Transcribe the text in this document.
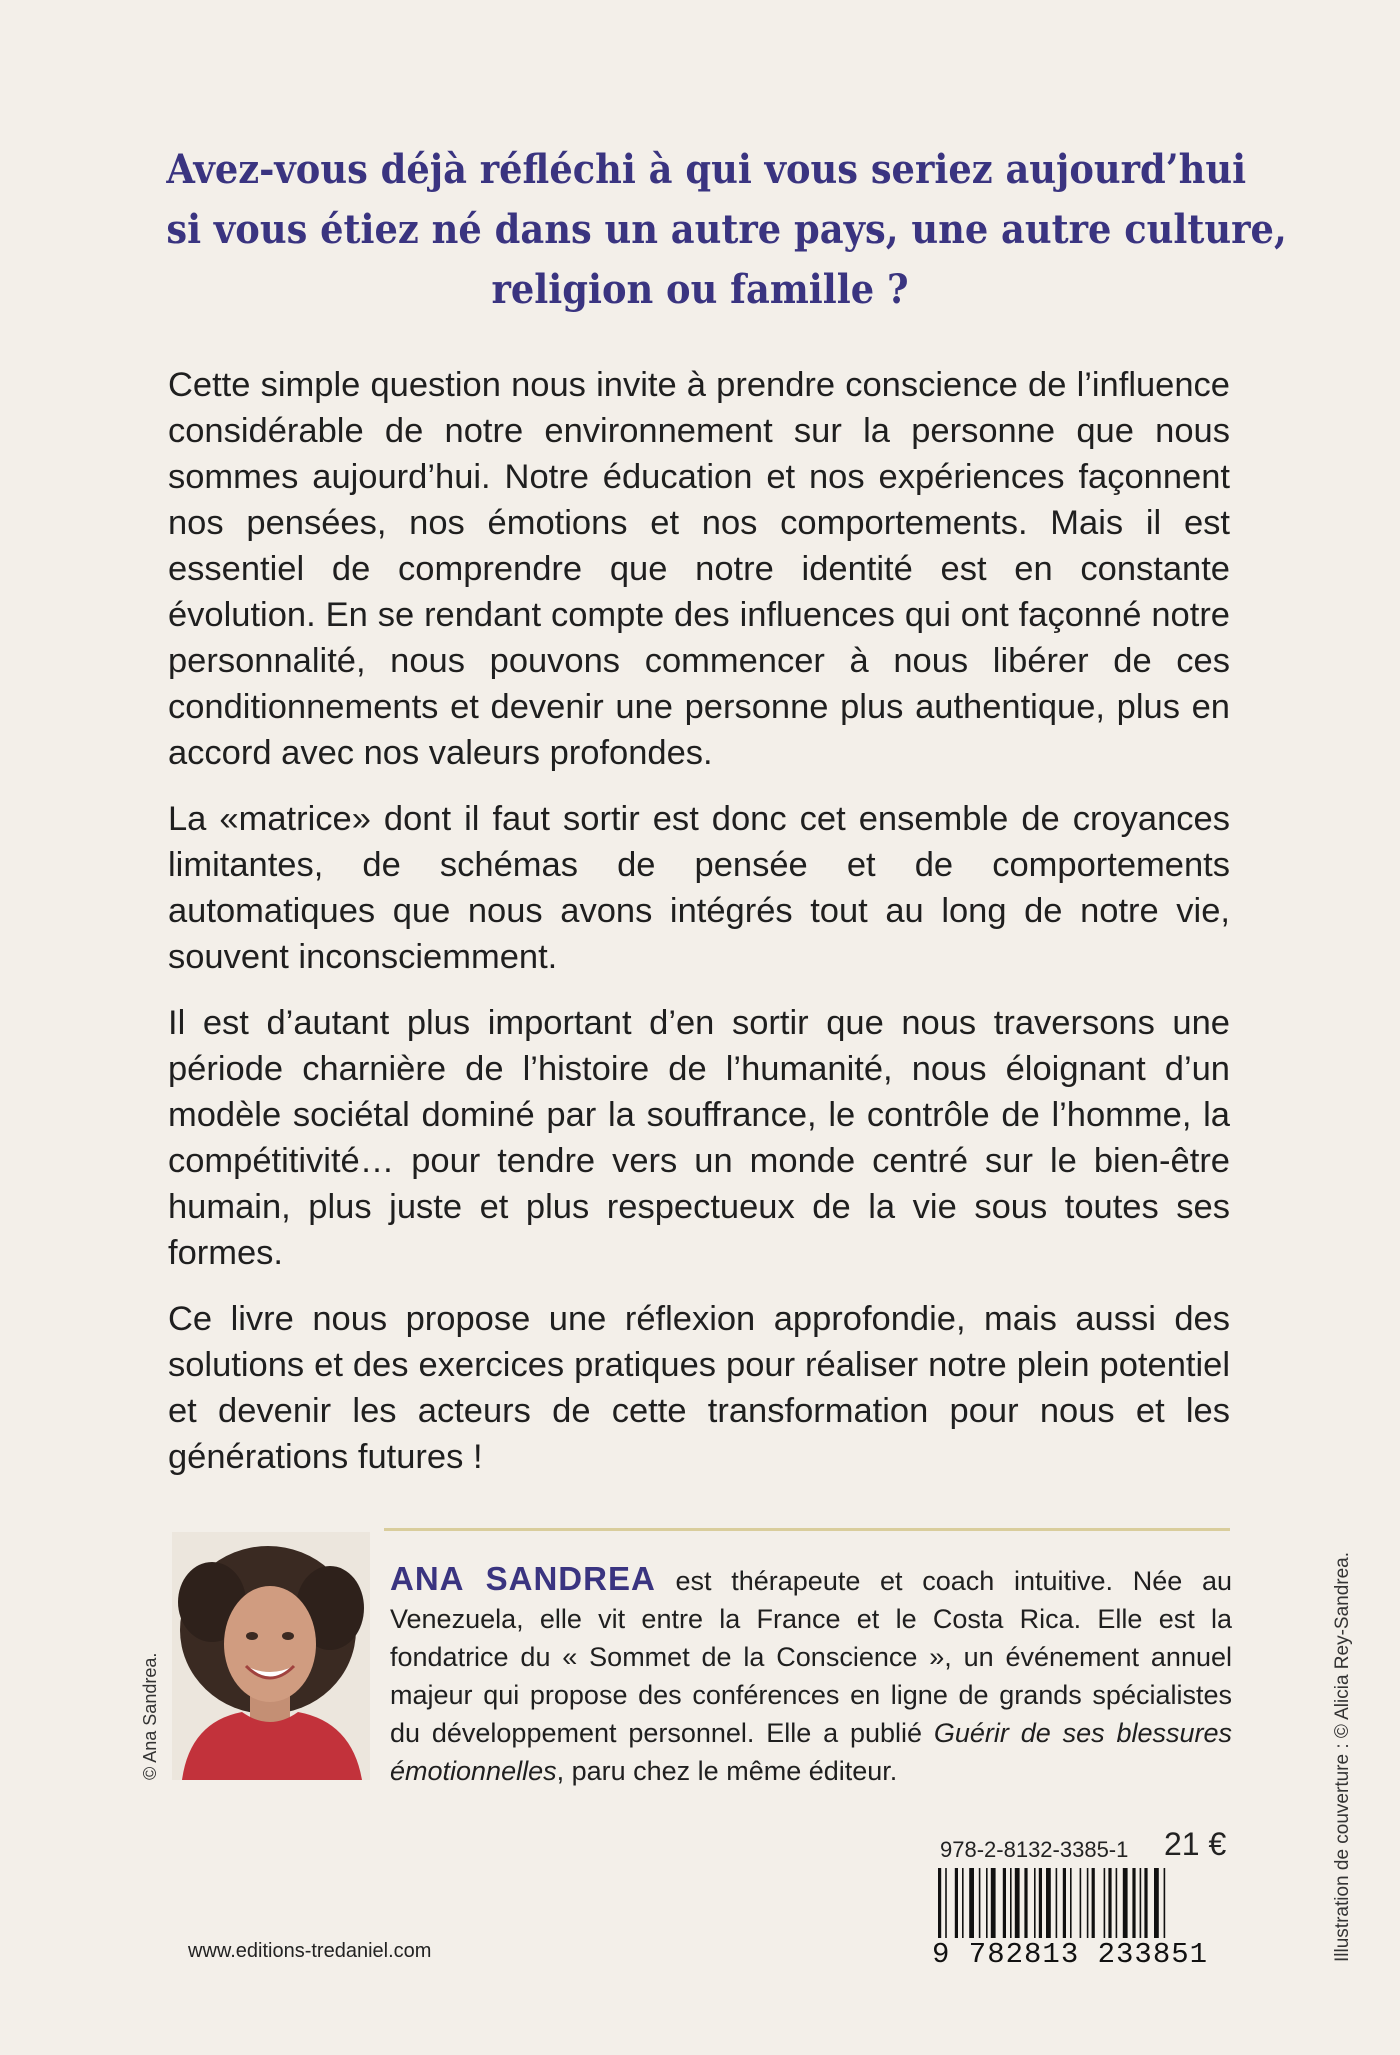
Avez-vous déjà réfléchi à qui vous seriez aujourd’hui
si vous étiez né dans un autre pays, une autre culture,
religion ou famille ?

Cette simple question nous invite à prendre conscience de l’influence considérable de notre environnement sur la personne que nous sommes aujourd’hui. Notre éducation et nos expériences façonnent nos pensées, nos émotions et nos comportements. Mais il est essentiel de comprendre que notre identité est en constante évolution. En se rendant compte des influences qui ont façonné notre personnalité, nous pouvons commencer à nous libérer de ces conditionnements et devenir une personne plus authentique, plus en accord avec nos valeurs profondes.

La «matrice» dont il faut sortir est donc cet ensemble de croyances limitantes, de schémas de pensée et de comportements automatiques que nous avons intégrés tout au long de notre vie, souvent inconsciemment.

Il est d’autant plus important d’en sortir que nous traversons une période charnière de l’histoire de l’humanité, nous éloignant d’un modèle sociétal dominé par la souffrance, le contrôle de l’homme, la compétitivité… pour tendre vers un monde centré sur le bien-être humain, plus juste et plus respectueux de la vie sous toutes ses formes.

Ce livre nous propose une réflexion approfondie, mais aussi des solutions et des exercices pratiques pour réaliser notre plein potentiel et devenir les acteurs de cette transformation pour nous et les générations futures !

© Ana Sandrea.
ANA SANDREA est thérapeute et coach intuitive. Née au Venezuela, elle vit entre la France et le Costa Rica. Elle est la fondatrice du « Sommet de la Conscience », un événement annuel majeur qui propose des conférences en ligne de grands spécialistes du développement personnel. Elle a publié Guérir de ses blessures émotionnelles, paru chez le même éditeur.
978-2-8132-3385-1 21 €
9 782813 233851
www.editions-tredaniel.com	Illustration de couverture : © Alicia Rey-Sandrea.
